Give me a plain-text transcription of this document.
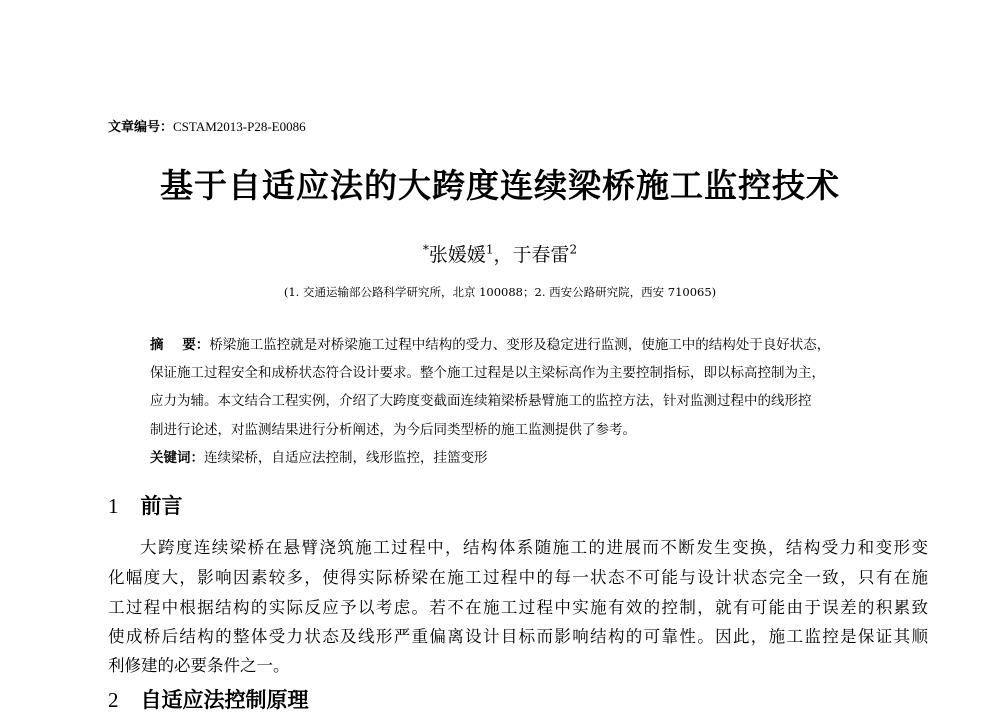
文章编号：CSTAM2013-P28-E0086
基于自适应法的大跨度连续梁桥施工监控技术
*张媛媛$^1$，于春雷$^2$
(1. 交通运输部公路科学研究所，北京 100088；2. 西安公路研究院，西安 710065)
摘    要：桥梁施工监控就是对桥梁施工过程中结构的受力、变形及稳定进行监测，使施工中的结构处于良好状态，
保证施工过程安全和成桥状态符合设计要求。整个施工过程是以主梁标高作为主要控制指标，即以标高控制为主，
应力为辅。本文结合工程实例，介绍了大跨度变截面连续箱梁桥悬臂施工的监控方法，针对监测过程中的线形控
制进行论述，对监测结果进行分析阐述，为今后同类型桥的施工监测提供了参考。
关键词：连续梁桥，自适应法控制，线形监控，挂篮变形
1 前言
大跨度连续梁桥在悬臂浇筑施工过程中，结构体系随施工的进展而不断发生变换，结构受力和变形变
化幅度大，影响因素较多，使得实际桥梁在施工过程中的每一状态不可能与设计状态完全一致，只有在施
工过程中根据结构的实际反应予以考虑。若不在施工过程中实施有效的控制，就有可能由于误差的积累致
使成桥后结构的整体受力状态及线形严重偏离设计目标而影响结构的可靠性。因此，施工监控是保证其顺
利修建的必要条件之一。
2 自适应法控制原理
